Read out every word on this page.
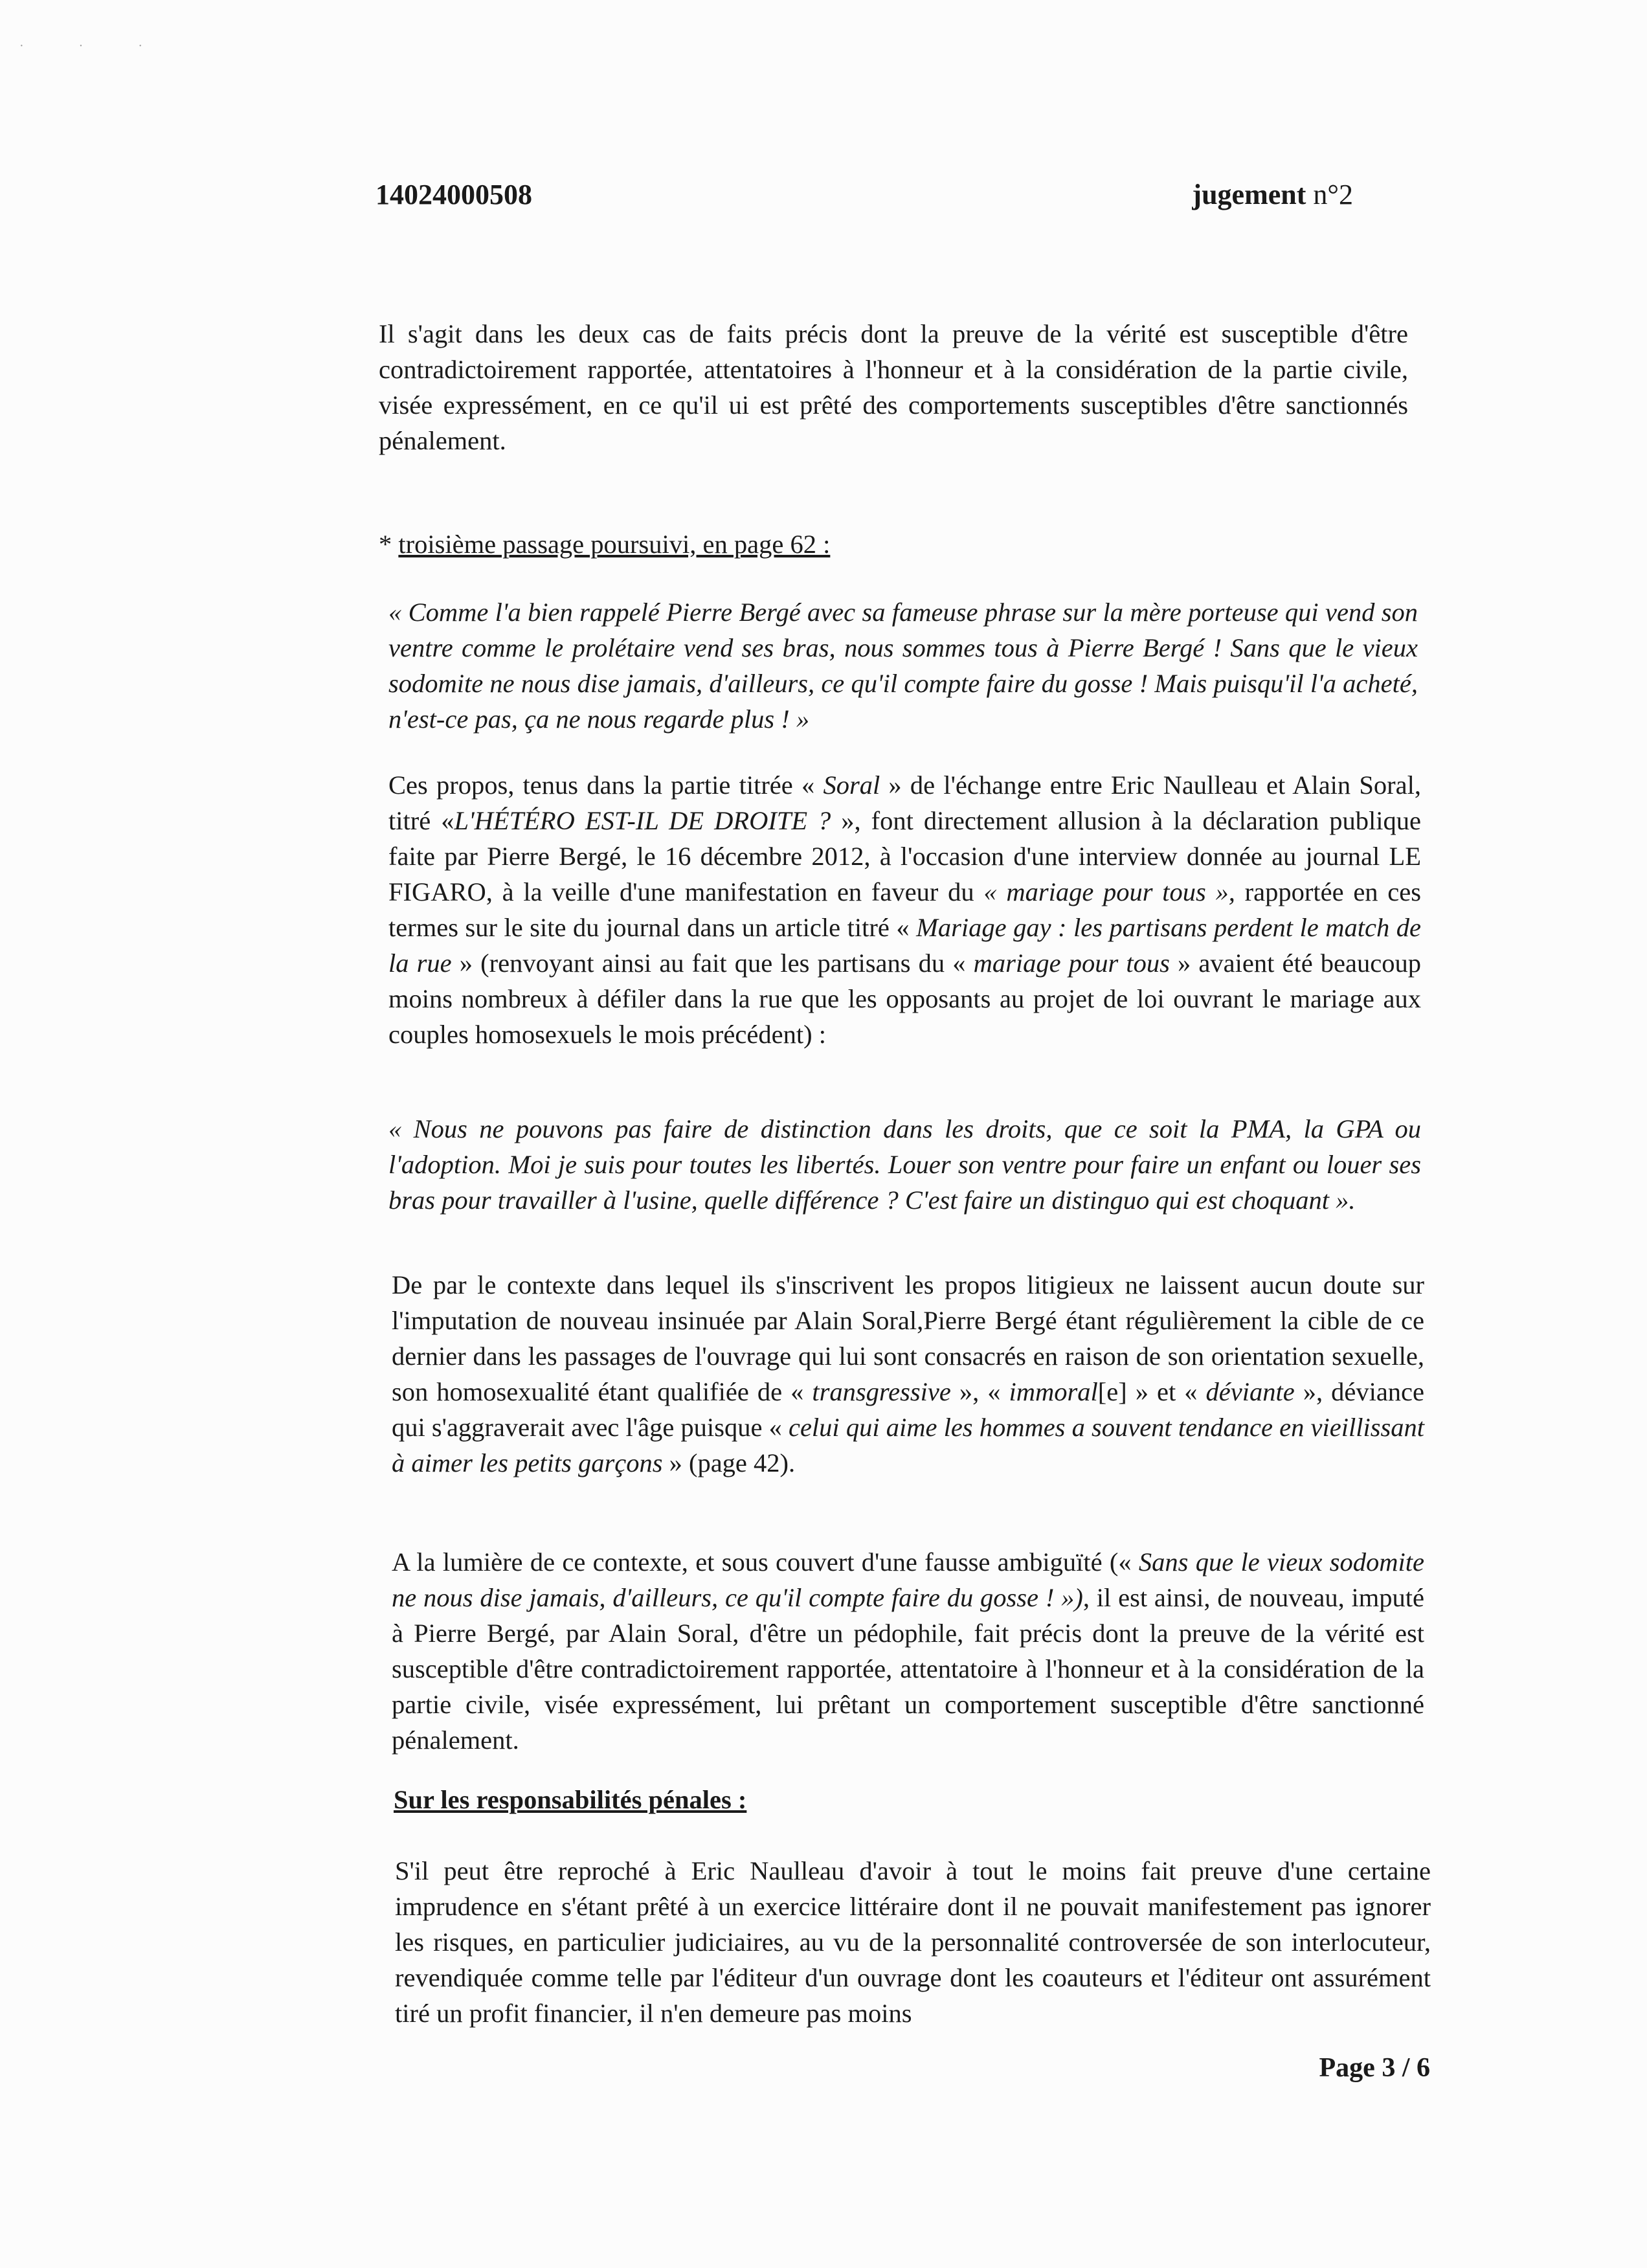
· · ·
14024000508	jugement n°2

Il s'agit dans les deux cas de faits précis dont la preuve de la vérité est susceptible d'être contradictoirement rapportée, attentatoires à l'honneur et à la considération de la partie civile, visée expressément, en ce qu'il ui est prêté des comportements susceptibles d'être sanctionnés pénalement.

* troisième passage poursuivi, en page 62 :

« Comme l'a bien rappelé Pierre Bergé avec sa fameuse phrase sur la mère porteuse qui vend son ventre comme le prolétaire vend ses bras, nous sommes tous à Pierre Bergé ! Sans que le vieux sodomite ne nous dise jamais, d'ailleurs, ce qu'il compte faire du gosse ! Mais puisqu'il l'a acheté, n'est-ce pas, ça ne nous regarde plus ! »

Ces propos, tenus dans la partie titrée « Soral » de l'échange entre Eric Naulleau et Alain Soral, titré «L'HÉTÉRO EST-IL DE DROITE ? », font directement allusion à la déclaration publique faite par Pierre Bergé, le 16 décembre 2012, à l'occasion d'une interview donnée au journal LE FIGARO, à la veille d'une manifestation en faveur du « mariage pour tous », rapportée en ces termes sur le site du journal dans un article titré « Mariage gay : les partisans perdent le match de la rue » (renvoyant ainsi au fait que les partisans du « mariage pour tous » avaient été beaucoup moins nombreux à défiler dans la rue que les opposants au projet de loi ouvrant le mariage aux couples homosexuels le mois précédent) :

« Nous ne pouvons pas faire de distinction dans les droits, que ce soit la PMA, la GPA ou l'adoption. Moi je suis pour toutes les libertés. Louer son ventre pour faire un enfant ou louer ses bras pour travailler à l'usine, quelle différence ? C'est faire un distinguo qui est choquant ».

De par le contexte dans lequel ils s'inscrivent les propos litigieux ne laissent aucun doute sur l'imputation de nouveau insinuée par Alain Soral,Pierre Bergé étant régulièrement la cible de ce dernier dans les passages de l'ouvrage qui lui sont consacrés en raison de son orientation sexuelle, son homosexualité étant qualifiée de « transgressive », « immoral[e] » et « déviante », déviance qui s'aggraverait avec l'âge puisque « celui qui aime les hommes a souvent tendance en vieillissant à aimer les petits garçons » (page 42).

A la lumière de ce contexte, et sous couvert d'une fausse ambiguïté (« Sans que le vieux sodomite ne nous dise jamais, d'ailleurs, ce qu'il compte faire du gosse ! »), il est ainsi, de nouveau, imputé à Pierre Bergé, par Alain Soral, d'être un pédophile, fait précis dont la preuve de la vérité est susceptible d'être contradictoirement rapportée, attentatoire à l'honneur et à la considération de la partie civile, visée expressément, lui prêtant un comportement susceptible d'être sanctionné pénalement.

Sur les responsabilités pénales :

S'il peut être reproché à Eric Naulleau d'avoir à tout le moins fait preuve d'une certaine imprudence en s'étant prêté à un exercice littéraire dont il ne pouvait manifestement pas ignorer les risques, en particulier judiciaires, au vu de la personnalité controversée de son interlocuteur, revendiquée comme telle par l'éditeur d'un ouvrage dont les coauteurs et l'éditeur ont assurément tiré un profit financier, il n'en demeure pas moins

Page 3 / 6
